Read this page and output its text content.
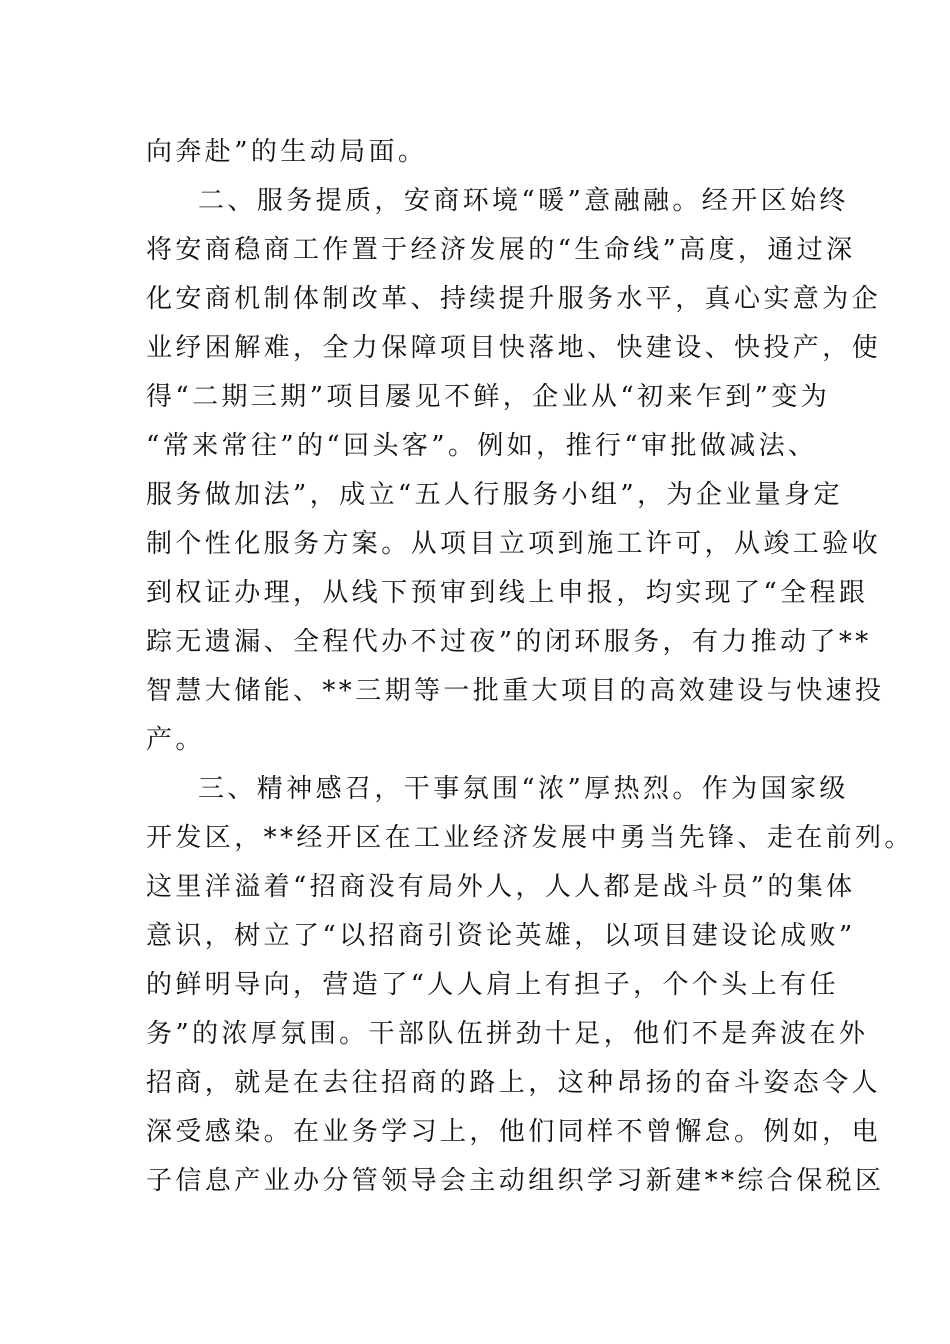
向奔赴”的生动局面。
二、服务提质，安商环境“暖”意融融。经开区始终
将安商稳商工作置于经济发展的“生命线”高度，通过深
化安商机制体制改革、持续提升服务水平，真心实意为企
业纾困解难，全力保障项目快落地、快建设、快投产，使
得“二期三期”项目屡见不鲜，企业从“初来乍到”变为
“常来常往”的“回头客”。例如，推行“审批做减法、
服务做加法”，成立“五人行服务小组”，为企业量身定
制个性化服务方案。从项目立项到施工许可，从竣工验收
到权证办理，从线下预审到线上申报，均实现了“全程跟
踪无遗漏、全程代办不过夜”的闭环服务，有力推动了**
智慧大储能、**三期等一批重大项目的高效建设与快速投
产。
三、精神感召，干事氛围“浓”厚热烈。作为国家级
开发区，**经开区在工业经济发展中勇当先锋、走在前列。
这里洋溢着“招商没有局外人，人人都是战斗员”的集体
意识，树立了“以招商引资论英雄，以项目建设论成败”
的鲜明导向，营造了“人人肩上有担子，个个头上有任
务”的浓厚氛围。干部队伍拼劲十足，他们不是奔波在外
招商，就是在去往招商的路上，这种昂扬的奋斗姿态令人
深受感染。在业务学习上，他们同样不曾懈怠。例如，电
子信息产业办分管领导会主动组织学习新建**综合保税区
